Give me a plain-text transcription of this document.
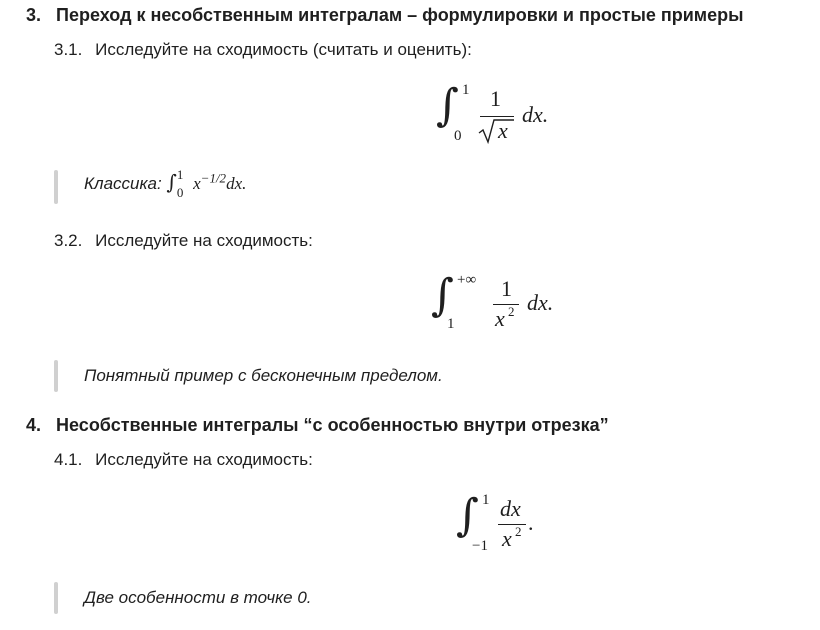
3. Переход к несобственным интегралам – формулировки и простые примеры
3.1. Исследуйте на сходимость (считать и оценить):
∫ 1
0
1
x
dx.
Классика: ∫ 1
0 $x^{-1/2}dx$.
3.2. Исследуйте на сходимость:
∫ +∞
1
1
x 2 dx.
Понятный пример с бесконечным пределом.
4. Несобственные интегралы “с особенностью внутри отрезка”
4.1. Исследуйте на сходимость:
∫ 1
−1
dx
x 2 .
Две особенности в точке 0.
